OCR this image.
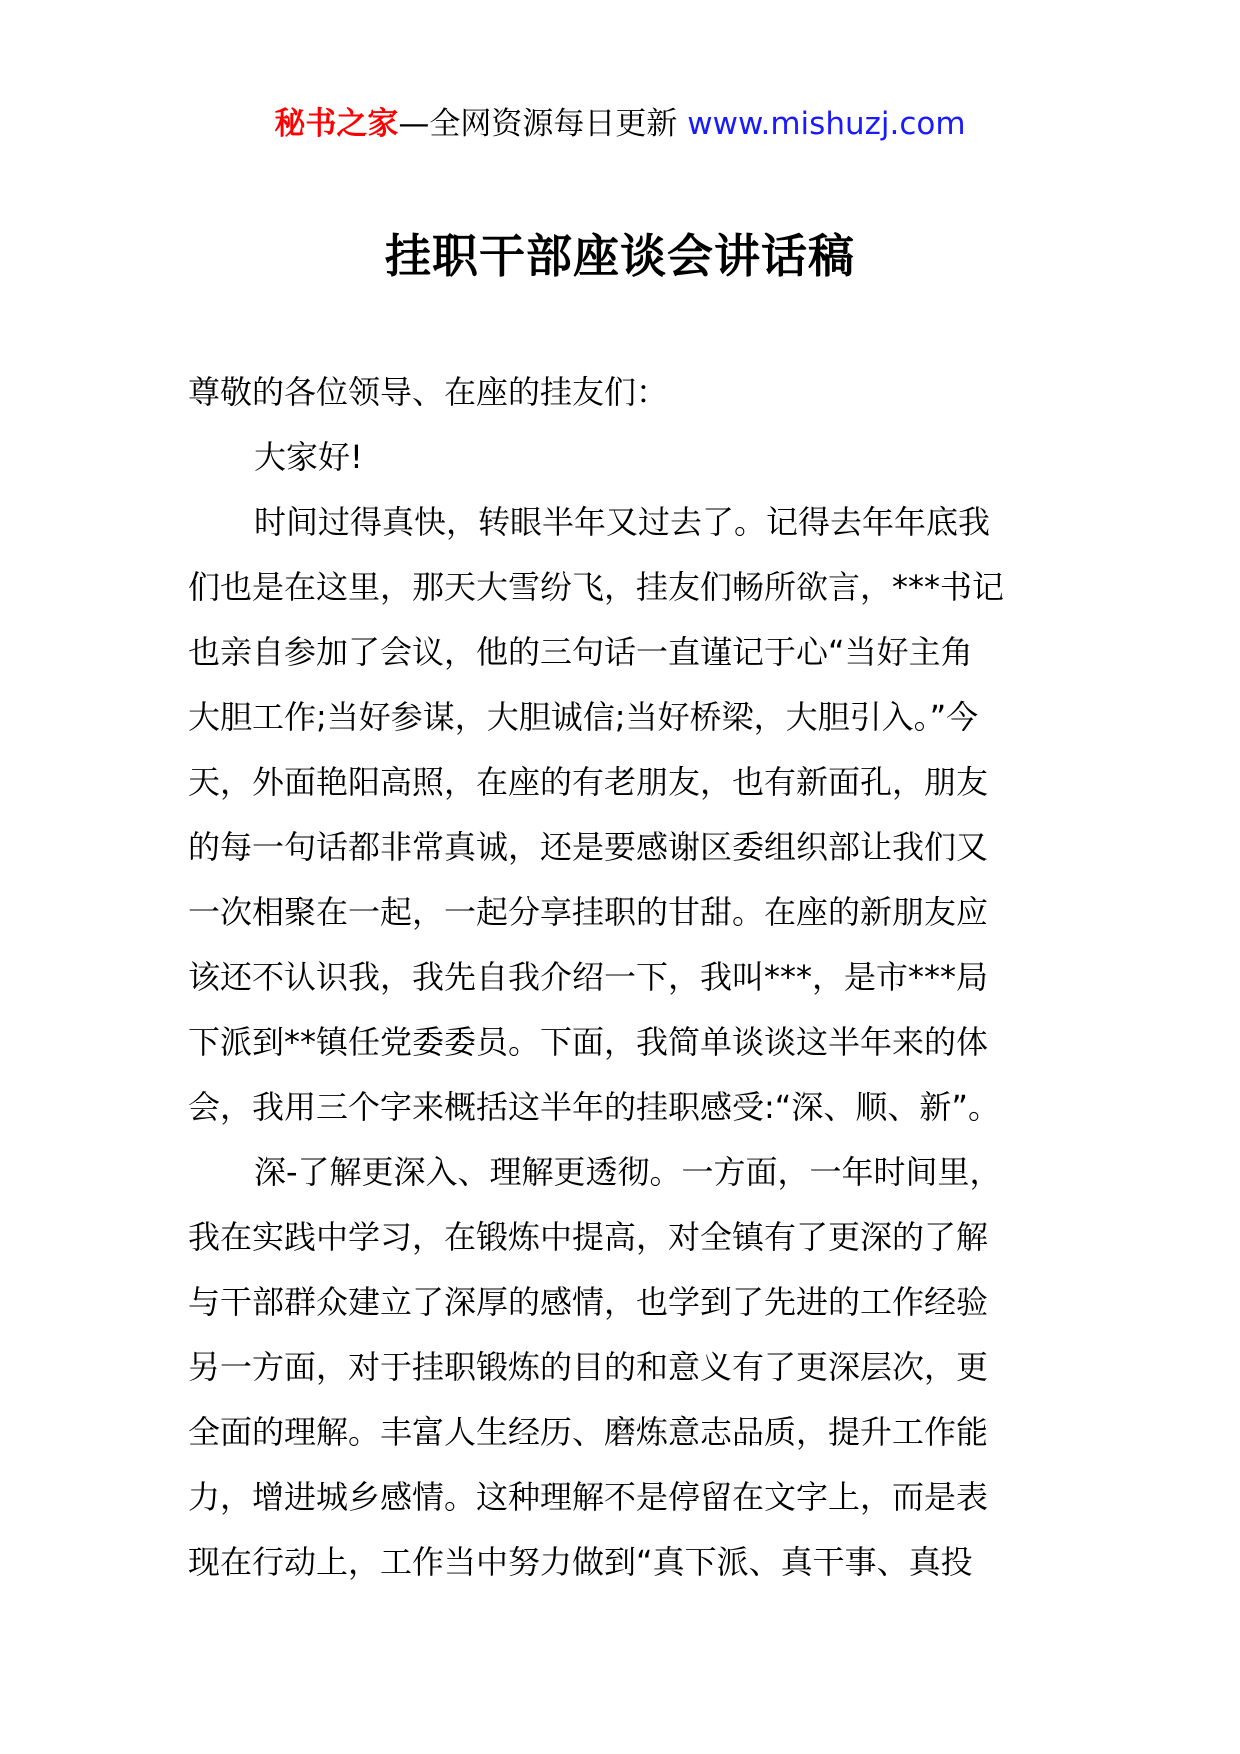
秘书之家—全网资源每日更新 www.mishuzj.com
挂职干部座谈会讲话稿
尊敬的各位领导、在座的挂友们：
大家好!
时间过得真快，转眼半年又过去了。记得去年年底我
们也是在这里，那天大雪纷飞，挂友们畅所欲言，***书记
也亲自参加了会议，他的三句话一直谨记于心“当好主角
大胆工作;当好参谋，大胆诚信;当好桥梁，大胆引入。”今
天，外面艳阳高照，在座的有老朋友，也有新面孔，朋友
的每一句话都非常真诚，还是要感谢区委组织部让我们又
一次相聚在一起，一起分享挂职的甘甜。在座的新朋友应
该还不认识我，我先自我介绍一下，我叫***，是市***局
下派到**镇任党委委员。下面，我简单谈谈这半年来的体
会，我用三个字来概括这半年的挂职感受:“深、顺、新”。
深-了解更深入、理解更透彻。一方面，一年时间里，
我在实践中学习，在锻炼中提高，对全镇有了更深的了解
与干部群众建立了深厚的感情，也学到了先进的工作经验
另一方面，对于挂职锻炼的目的和意义有了更深层次，更
全面的理解。丰富人生经历、磨炼意志品质，提升工作能
力，增进城乡感情。这种理解不是停留在文字上，而是表
现在行动上，工作当中努力做到“真下派、真干事、真投
